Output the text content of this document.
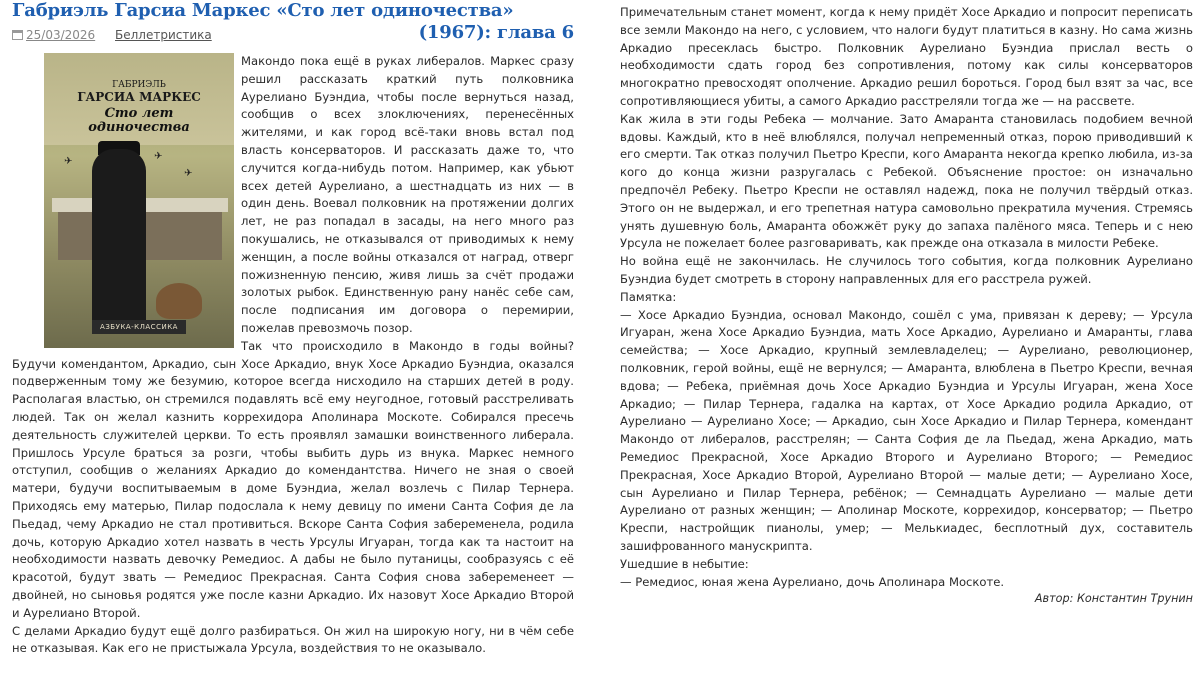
Габриэль Гарсиа Маркес «Сто лет одиночества»
(1967): глава 6
25/03/2026 Беллетристика
ГАБРИЭЛЬ
ГАРСИА МАРКЕС
Сто лет
одиночества
✈
✈
✈
АЗБУКА-КЛАССИКА

Макондо пока ещё в руках либералов. Маркес сразу решил рассказать краткий путь полковника Аурелиано Буэндиа, чтобы после вернуться назад, сообщив о всех злоключениях, перенесённых жителями, и как город всё-таки вновь встал под власть консерваторов. И рассказать даже то, что случится когда-нибудь потом. Например, как убьют всех детей Аурелиано, а шестнадцать из них — в один день. Воевал полковник на протяжении долгих лет, не раз попадал в засады, на него много раз покушались, не отказывался от приводимых к нему женщин, а после войны отказался от наград, отверг пожизненную пенсию, живя лишь за счёт продажи золотых рыбок. Единственную рану нанёс себе сам, после подписания им договора о перемирии, пожелав превозмочь позор.

Так что происходило в Макондо в годы войны? Будучи комендантом, Аркадио, сын Хосе Аркадио, внук Хосе Аркадио Буэндиа, оказался подверженным тому же безумию, которое всегда нисходило на старших детей в роду. Располагая властью, он стремился подавлять всё ему неугодное, готовый расстреливать людей. Так он желал казнить коррехидора Аполинара Москоте. Собирался пресечь деятельность служителей церкви. То есть проявлял замашки воинственного либерала. Пришлось Урсуле браться за розги, чтобы выбить дурь из внука. Маркес немного отступил, сообщив о желаниях Аркадио до комендантства. Ничего не зная о своей матери, будучи воспитываемым в доме Буэндиа, желал возлечь с Пилар Тернера. Приходясь ему матерью, Пилар подослала к нему девицу по имени Санта София де ла Пьедад, чему Аркадио не стал противиться. Вскоре Санта София забеременела, родила дочь, которую Аркадио хотел назвать в честь Урсулы Игуаран, тогда как та настоит на необходимости назвать девочку Ремедиос. А дабы не было путаницы, сообразуясь с её красотой, будут звать — Ремедиос Прекрасная. Санта София снова забеременеет — двойней, но сыновья родятся уже после казни Аркадио. Их назовут Хосе Аркадио Второй и Аурелиано Второй.

С делами Аркадио будут ещё долго разбираться. Он жил на широкую ногу, ни в чём себе не отказывая. Как его не пристыжала Урсула, воздействия то не оказывало.

Примечательным станет момент, когда к нему придёт Хосе Аркадио и попросит переписать все земли Макондо на него, с условием, что налоги будут платиться в казну. Но сама жизнь Аркадио пресеклась быстро. Полковник Аурелиано Буэндиа прислал весть о необходимости сдать город без сопротивления, потому как силы консерваторов многократно превосходят ополчение. Аркадио решил бороться. Город был взят за час, все сопротивляющиеся убиты, а самого Аркадио расстреляли тогда же — на рассвете.

Как жила в эти годы Ребека — молчание. Зато Амаранта становилась подобием вечной вдовы. Каждый, кто в неё влюблялся, получал непременный отказ, порою приводивший к его смерти. Так отказ получил Пьетро Креспи, кого Амаранта некогда крепко любила, из-за кого до конца жизни разругалась с Ребекой. Объяснение простое: он изначально предпочёл Ребеку. Пьетро Креспи не оставлял надежд, пока не получил твёрдый отказ. Этого он не выдержал, и его трепетная натура самовольно прекратила мучения. Стремясь унять душевную боль, Амаранта обожжёт руку до запаха палёного мяса. Теперь и с нею Урсула не пожелает более разговаривать, как прежде она отказала в милости Ребеке.

Но война ещё не закончилась. Не случилось того события, когда полковник Аурелиано Буэндиа будет смотреть в сторону направленных для его расстрела ружей.

Памятка:

— Хосе Аркадио Буэндиа, основал Макондо, сошёл с ума, привязан к дереву; — Урсула Игуаран, жена Хосе Аркадио Буэндиа, мать Хосе Аркадио, Аурелиано и Амаранты, глава семейства; — Хосе Аркадио, крупный землевладелец; — Аурелиано, революционер, полковник, герой войны, ещё не вернулся; — Амаранта, влюблена в Пьетро Креспи, вечная вдова; — Ребека, приёмная дочь Хосе Аркадио Буэндиа и Урсулы Игуаран, жена Хосе Аркадио; — Пилар Тернера, гадалка на картах, от Хосе Аркадио родила Аркадио, от Аурелиано — Аурелиано Хосе; — Аркадио, сын Хосе Аркадио и Пилар Тернера, комендант Макондо от либералов, расстрелян; — Санта София де ла Пьедад, жена Аркадио, мать Ремедиос Прекрасной, Хосе Аркадио Второго и Аурелиано Второго; — Ремедиос Прекрасная, Хосе Аркадио Второй, Аурелиано Второй — малые дети; — Аурелиано Хосе, сын Аурелиано и Пилар Тернера, ребёнок; — Семнадцать Аурелиано — малые дети Аурелиано от разных женщин; — Аполинар Москоте, коррехидор, консерватор; — Пьетро Креспи, настройщик пианолы, умер; — Мелькиадес, бесплотный дух, составитель зашифрованного манускрипта.

Ушедшие в небытие:

— Ремедиос, юная жена Аурелиано, дочь Аполинара Москоте.

Автор: Константин Трунин
